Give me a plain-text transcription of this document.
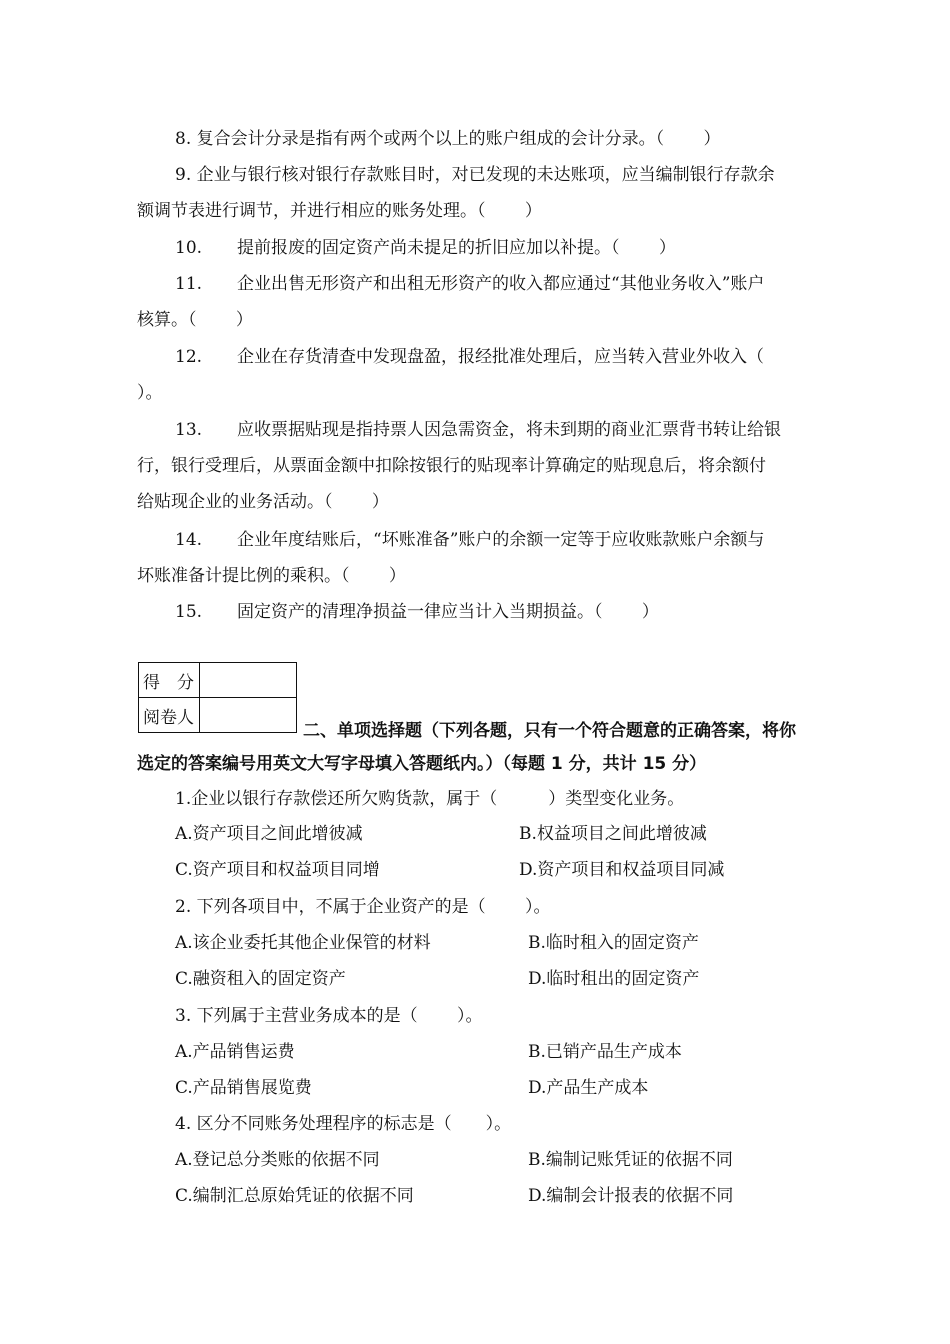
8. 复合会计分录是指有两个或两个以上的账户组成的会计分录。（　　 ）
9. 企业与银行核对银行存款账目时，对已发现的未达账项，应当编制银行存款余
额调节表进行调节，并进行相应的账务处理。（　　 ）
10. 提前报废的固定资产尚未提足的折旧应加以补提。（　　 ）
11. 企业出售无形资产和出租无形资产的收入都应通过“其他业务收入”账户
核算。（　　 ）
12. 企业在存货清查中发现盘盈，报经批准处理后，应当转入营业外收入（
）。
13. 应收票据贴现是指持票人因急需资金，将未到期的商业汇票背书转让给银
行，银行受理后，从票面金额中扣除按银行的贴现率计算确定的贴现息后，将余额付
给贴现企业的业务活动。（　　 ）
14. 企业年度结账后，“坏账准备”账户的余额一定等于应收账款账户余额与
坏账准备计提比例的乘积。（　　 ）
15. 固定资产的清理净损益一律应当计入当期损益。（　　 ）
得　分	
阅卷人	
二、单项选择题（下列各题，只有一个符合题意的正确答案，将你
选定的答案编号用英文大写字母填入答题纸内。）（每题 1 分，共计 15 分）
1.企业以银行存款偿还所欠购货款，属于（　　　）类型变化业务。
A.资产项目之间此增彼减	B.权益项目之间此增彼减
C.资产项目和权益项目同增	D.资产项目和权益项目同减
2. 下列各项目中，不属于企业资产的是（　　 ）。
A.该企业委托其他企业保管的材料	B.临时租入的固定资产
C.融资租入的固定资产	D.临时租出的固定资产
3. 下列属于主营业务成本的是（　　 ）。
A.产品销售运费	B.已销产品生产成本
C.产品销售展览费	D.产品生产成本
4. 区分不同账务处理程序的标志是（　　）。
A.登记总分类账的依据不同	B.编制记账凭证的依据不同
C.编制汇总原始凭证的依据不同	D.编制会计报表的依据不同
